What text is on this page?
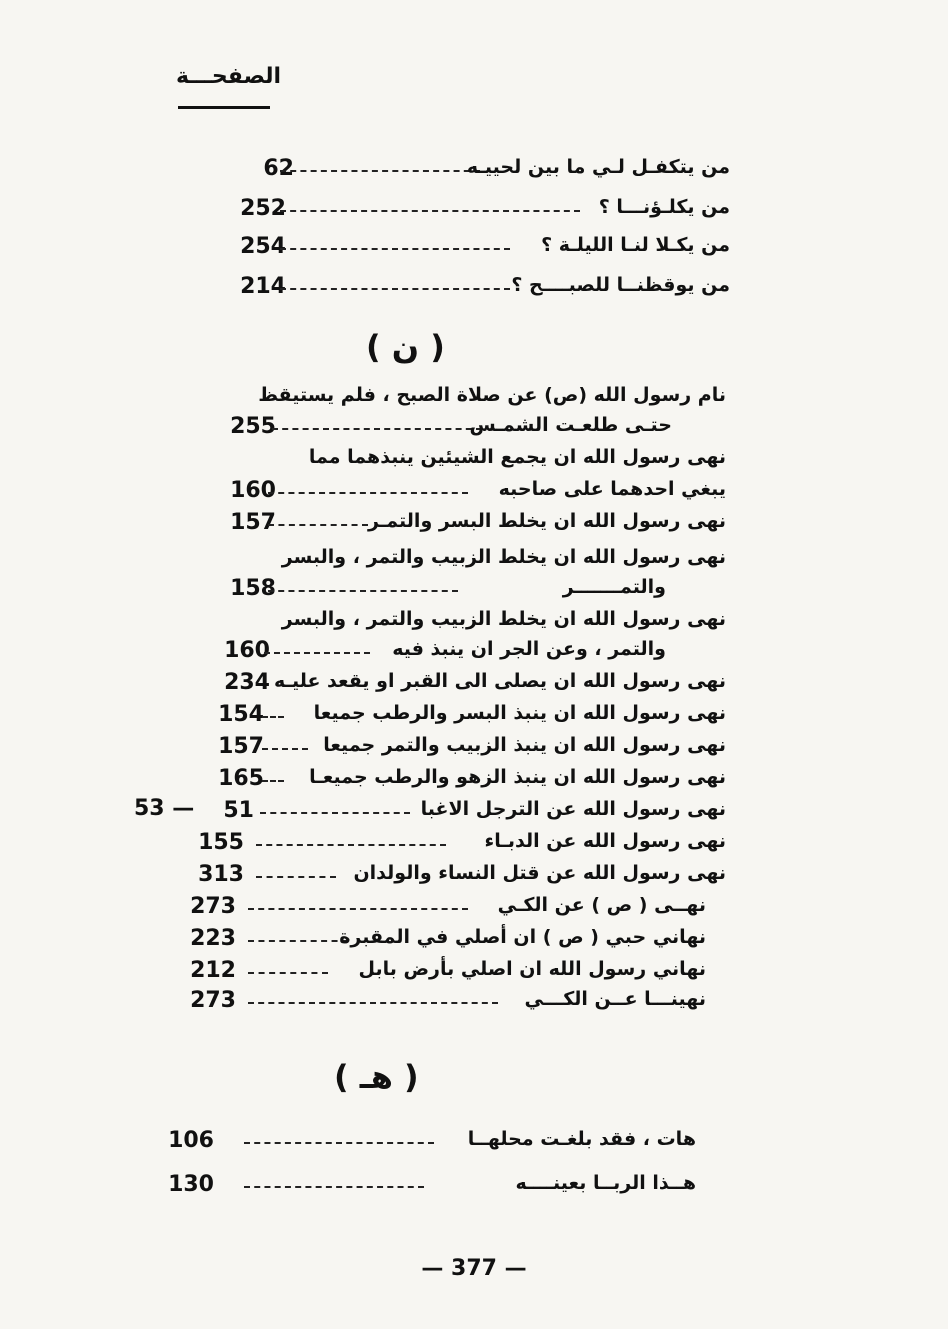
الصفحـــة
62	من يتكفـل لـي ما بين لحييـه
252	من يكلـؤنـــا ؟
254	من يكـلا لنـا الليلـة ؟
214	من يوقظنــا للصبــــح ؟
( ن )
نام رسول الله (ص) عن صلاة الصبح ، فلم يستيقظ
255	حتـى طلعـت الشمـس
نهى رسول الله ان يجمع الشيئين ينبذهما مما
160	يبغي احدهما على صاحبه
157	نهى رسول الله ان يخلط البسر والتمـر
نهى رسول الله ان يخلط الزبيب والتمر ، والبسر
158	والتمـــــــر
نهى رسول الله ان يخلط الزبيب والتمر ، والبسر
160	والتمر ، وعن الجر ان ينبذ فيه
234 نهى رسول الله ان يصلى الى القبر او يقعد عليـه
154	نهى رسول الله ان ينبذ البسر والرطب جميعا
157	نهى رسول الله ان ينبذ الزبيب والتمر جميعا
165 نهى رسول الله ان ينبذ الزهو والرطب جميعـا
53 —	51	نهى رسول الله عن الترجل الاغبا
155	نهى رسول الله عن الدبـاء
313	نهى رسول الله عن قتل النساء والولدان
273	نهــى ( ص ) عن الكـي
223	نهاني حبي ( ص ) ان أصلي في المقبرة
212	نهاني رسول الله ان اصلي بأرض بابل
273	نهينـــا عــن الكـــي
( هـ )
106	هات ، فقد بلغـت محلهــا
130	هــذا الربــا بعينــــه
— 377 —
